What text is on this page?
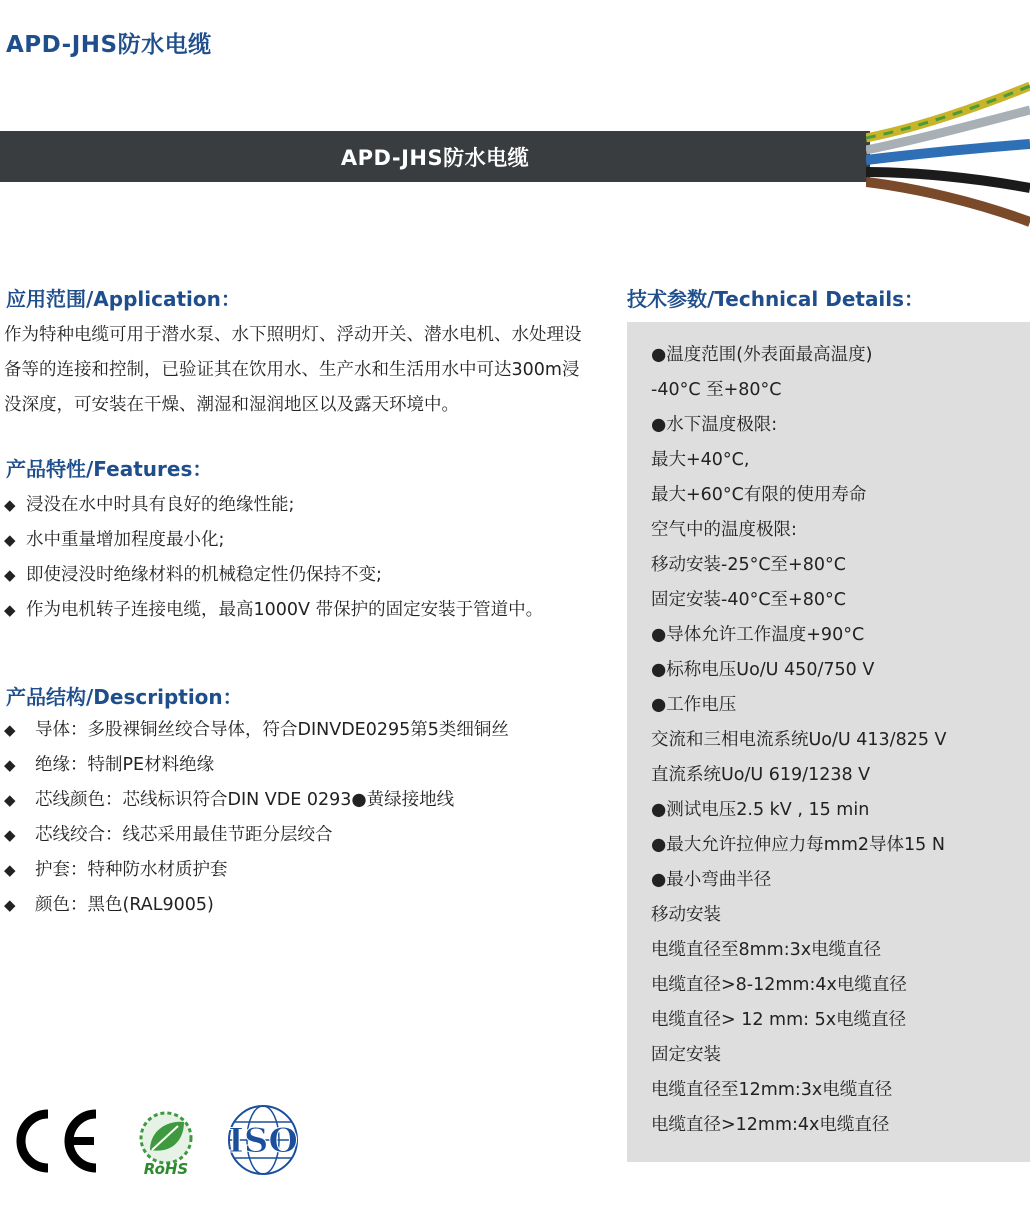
APD-JHS防水电缆
APD-JHS防水电缆
应用范围/Application：

作为特种电缆可用于潜水泵、水下照明灯、浮动开关、潜水电机、水处理设备等的连接和控制，已验证其在饮用水、生产水和生活用水中可达300m浸没深度，可安装在干燥、潮湿和湿润地区以及露天环境中。

产品特性/Features：
◆ 浸没在水中时具有良好的绝缘性能;
◆ 水中重量增加程度最小化;
◆ 即使浸没时绝缘材料的机械稳定性仍保持不变;
◆ 作为电机转子连接电缆，最高1000V 带保护的固定安装于管道中。
产品结构/Description：
◆	导体：多股裸铜丝绞合导体，符合DINVDE0295第5类细铜丝
◆	绝缘：特制PE材料绝缘
◆	芯线颜色：芯线标识符合DIN VDE 0293●黄绿接地线
◆	芯线绞合：线芯采用最佳节距分层绞合
◆	护套：特种防水材质护套
◆	颜色：黑色(RAL9005)
技术参数/Technical Details：
●温度范围(外表面最高温度)
-40°C 至+80°C
●水下温度极限:
最大+40°C,
最大+60°C有限的使用寿命
空气中的温度极限:
移动安装-25°C至+80°C
固定安装-40°C至+80°C
●导体允许工作温度+90°C
●标称电压Uo/U 450/750 V
●工作电压
交流和三相电流系统Uo/U 413/825 V
直流系统Uo/U 619/1238 V
●测试电压2.5 kV , 15 min
●最大允许拉伸应力每mm2导体15 N
●最小弯曲半径
移动安装
电缆直径至8mm:3x电缆直径
电缆直径>8-12mm:4x电缆直径
电缆直径> 12 mm: 5x电缆直径
固定安装
电缆直径至12mm:3x电缆直径
电缆直径>12mm:4x电缆直径
RoHS
ISO
